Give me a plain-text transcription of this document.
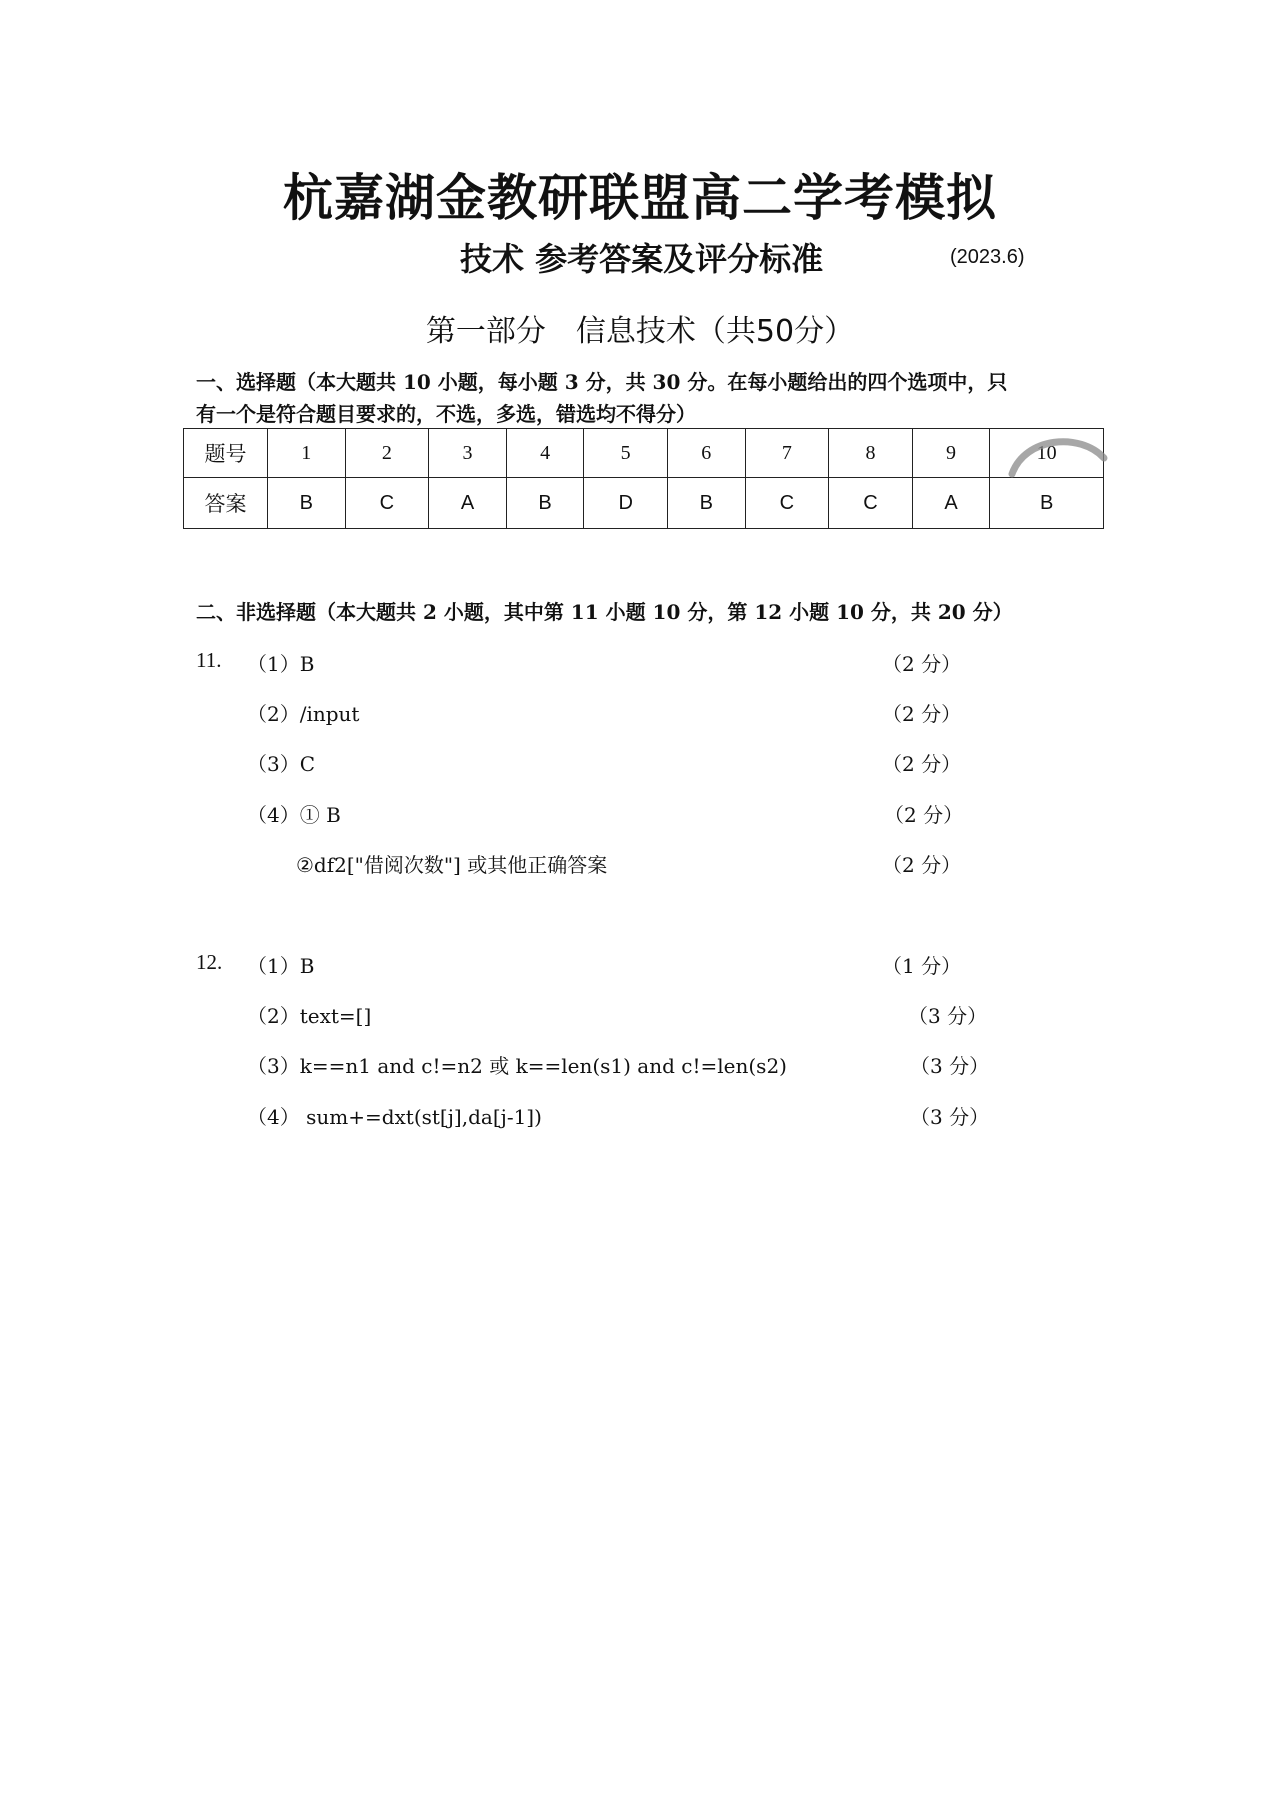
杭嘉湖金教研联盟高二学考模拟
技术 参考答案及评分标准	(2023.6)
第一部分　信息技术（共50分）
一、选择题（本大题共 10 小题，每小题 3 分，共 30 分。在每小题给出的四个选项中，只
有一个是符合题目要求的，不选，多选，错选均不得分）
题号	1	2	3	4	5	6	7	8	9	10
答案	B	C	A	B	D	B	C	C	A	B
二、非选择题（本大题共 2 小题，其中第 11 小题 10 分，第 12 小题 10 分，共 20 分）
11. （1）B	（2 分）
（2）/input	（2 分）
（3）C	（2 分）
（4）① B	（2 分）
②df2["借阅次数"] 或其他正确答案	（2 分）
12. （1）B	（1 分）
（2）text=[]	（3 分）
（3）k==n1 and c!=n2 或 k==len(s1) and c!=len(s2)	（3 分）
（4） sum+=dxt(st[j],da[j-1])	（3 分）
